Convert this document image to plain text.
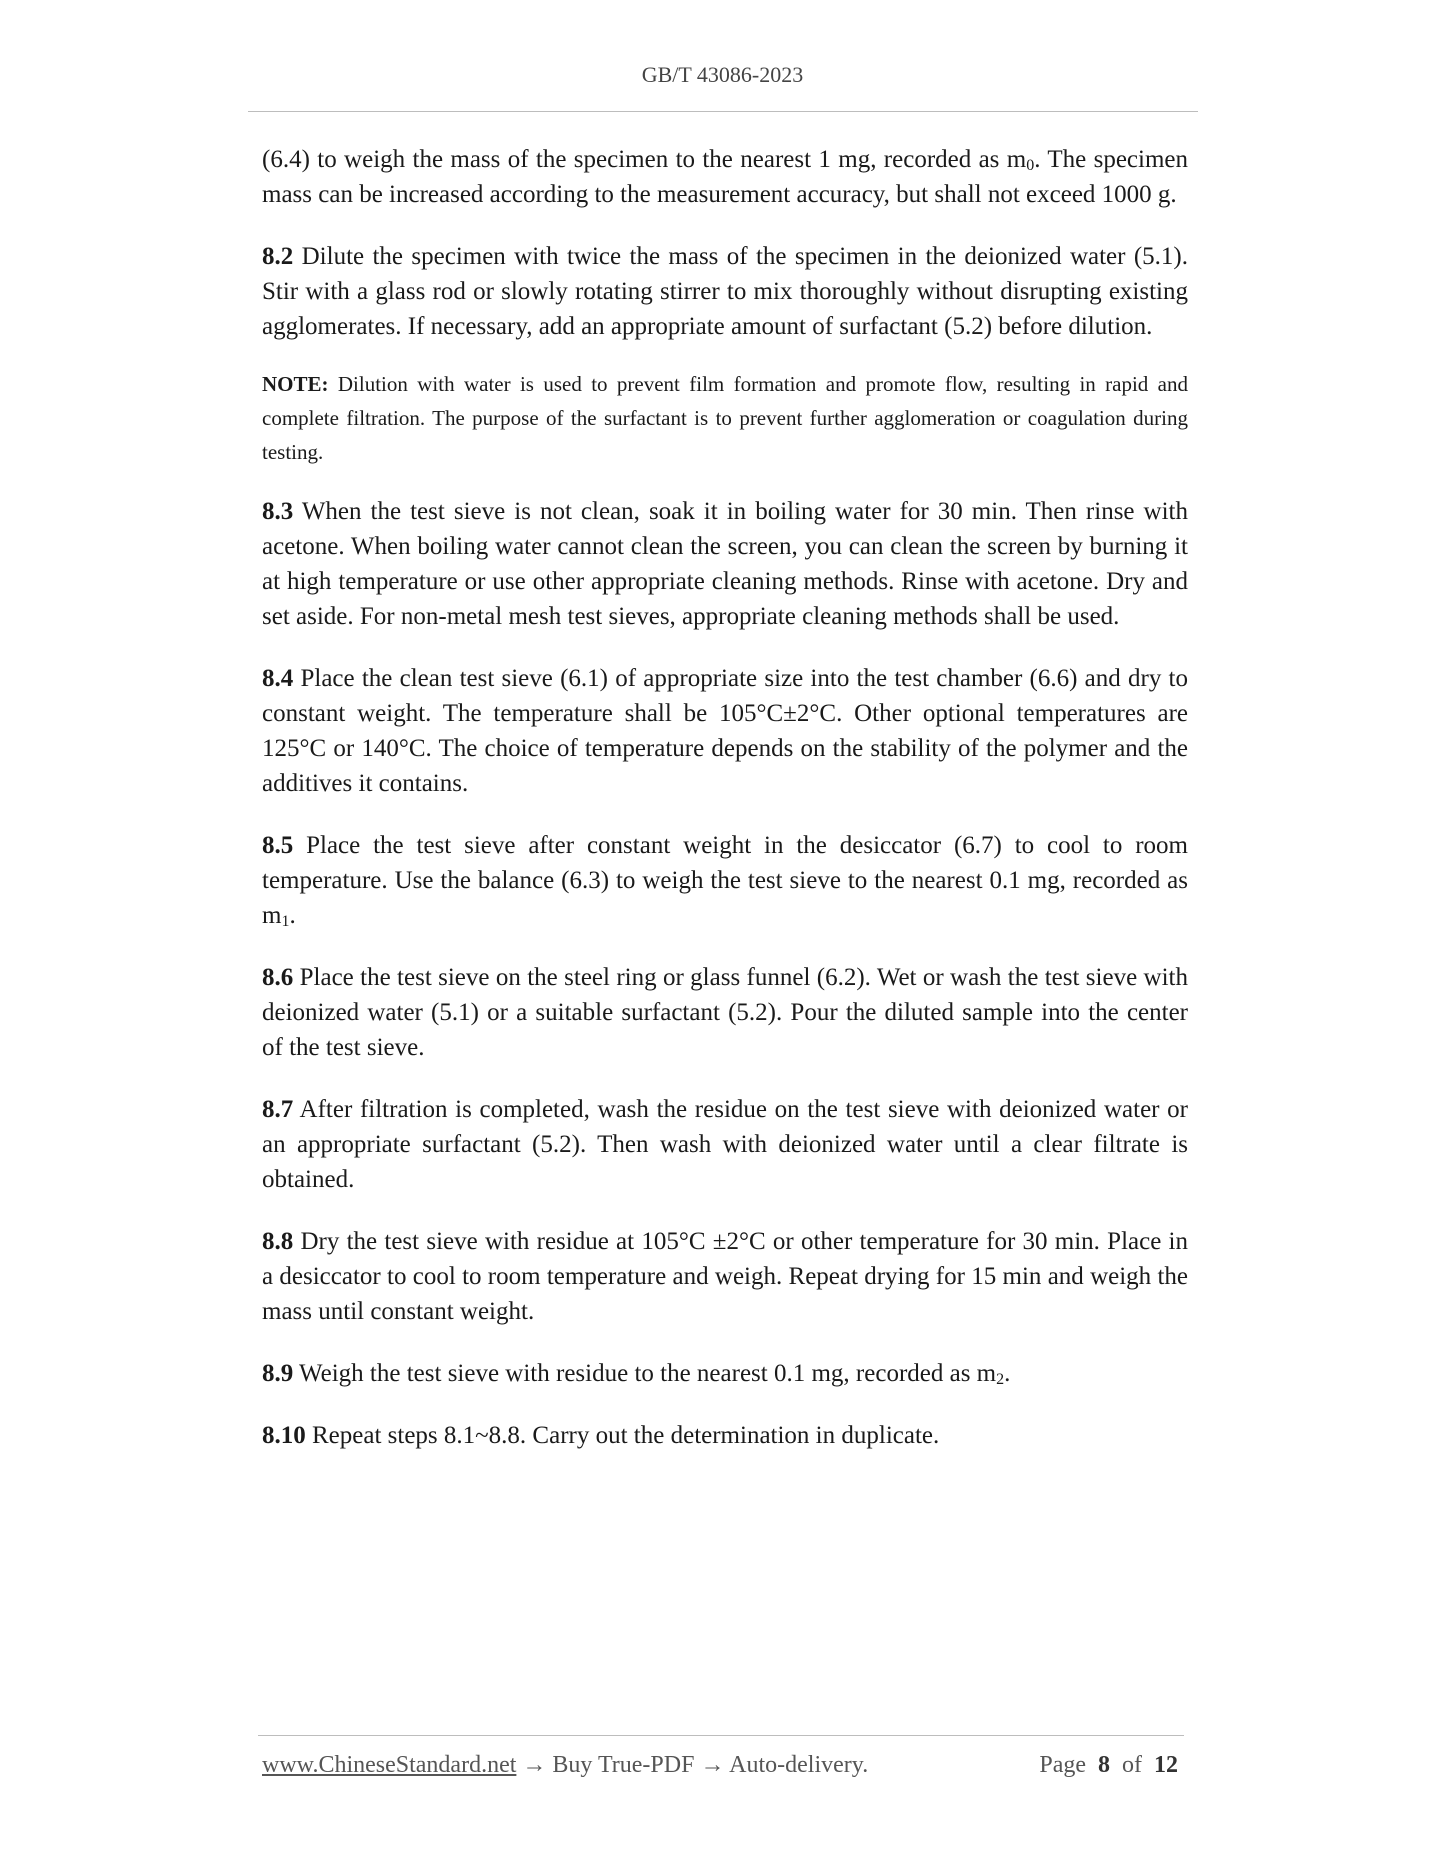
GB/T 43086-2023

(6.4) to weigh the mass of the specimen to the nearest 1 mg, recorded as $m_0$. The specimen mass can be increased according to the measurement accuracy, but shall not exceed 1000 g.

8.2 Dilute the specimen with twice the mass of the specimen in the deionized water (5.1). Stir with a glass rod or slowly rotating stirrer to mix thoroughly without disrupting existing agglomerates. If necessary, add an appropriate amount of surfactant (5.2) before dilution.

NOTE: Dilution with water is used to prevent film formation and promote flow, resulting in rapid and complete filtration. The purpose of the surfactant is to prevent further agglomeration or coagulation during testing.

8.3 When the test sieve is not clean, soak it in boiling water for 30 min. Then rinse with acetone. When boiling water cannot clean the screen, you can clean the screen by burning it at high temperature or use other appropriate cleaning methods. Rinse with acetone. Dry and set aside. For non-metal mesh test sieves, appropriate cleaning methods shall be used.

8.4 Place the clean test sieve (6.1) of appropriate size into the test chamber (6.6) and dry to constant weight. The temperature shall be 105°C±2°C. Other optional temperatures are 125°C or 140°C. The choice of temperature depends on the stability of the polymer and the additives it contains.

8.5 Place the test sieve after constant weight in the desiccator (6.7) to cool to room temperature. Use the balance (6.3) to weigh the test sieve to the nearest 0.1 mg, recorded as $m_1$.

8.6 Place the test sieve on the steel ring or glass funnel (6.2). Wet or wash the test sieve with deionized water (5.1) or a suitable surfactant (5.2). Pour the diluted sample into the center of the test sieve.

8.7 After filtration is completed, wash the residue on the test sieve with deionized water or an appropriate surfactant (5.2). Then wash with deionized water until a clear filtrate is obtained.

8.8 Dry the test sieve with residue at 105°C ±2°C or other temperature for 30 min. Place in a desiccator to cool to room temperature and weigh. Repeat drying for 15 min and weigh the mass until constant weight.

8.9 Weigh the test sieve with residue to the nearest 0.1 mg, recorded as $m_2$.

8.10 Repeat steps 8.1~8.8. Carry out the determination in duplicate.

www.ChineseStandard.net → Buy True-PDF → Auto-delivery.	Page 8 of 12
